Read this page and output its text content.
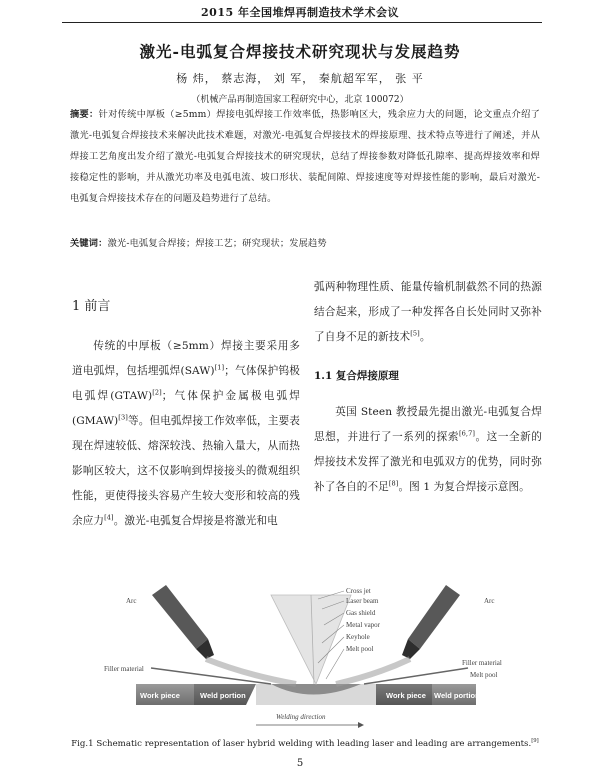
2015 年全国堆焊再制造技术学术会议
激光-电弧复合焊接技术研究现状与发展趋势
杨 炜， 蔡志海， 刘 军， 秦航超军军， 张 平
（机械产品再制造国家工程研究中心，北京 100072）
摘要：针对传统中厚板（≥5mm）焊接电弧焊接工作效率低，热影响区大，残余应力大的问题，论文重点介绍了激光-电弧复合焊接技术来解决此技术难题，对激光-电弧复合焊接技术的焊接原理、技术特点等进行了阐述，并从焊接工艺角度出发介绍了激光-电弧复合焊接技术的研究现状，总结了焊接参数对降低孔隙率、提高焊接效率和焊接稳定性的影响，并从激光功率及电弧电流、坡口形状、装配间隙、焊接速度等对焊接性能的影响，最后对激光-电弧复合焊接技术存在的问题及趋势进行了总结。
关键词：激光-电弧复合焊接；焊接工艺；研究现状；发展趋势
1 前言
传统的中厚板（≥5mm）焊接主要采用多道电弧焊，包括埋弧焊(SAW)[1]；气体保护钨极电弧焊(GTAW)[2]；气体保护金属极电弧焊(GMAW)[3]等。但电弧焊接工作效率低，主要表现在焊速较低、熔深较浅、热输入量大，从而热影响区较大，这不仅影响到焊接接头的微观组织性能，更使得接头容易产生较大变形和较高的残余应力[4]。激光-电弧复合焊接是将激光和电
弧两种物理性质、能量传输机制截然不同的热源结合起来，形成了一种发挥各自长处同时又弥补了自身不足的新技术[5]。
1.1 复合焊接原理
英国 Steen 教授最先提出激光-电弧复合焊思想，并进行了一系列的探索[6,7]。这一全新的焊接技术发挥了激光和电弧双方的优势，同时弥补了各自的不足[8]。图 1 为复合焊接示意图。
Cross jet
Laser beam
Gas shield
Metal vapor
Keyhole
Melt pool
Arc	Arc
Filler material
Filler material
Melt pool
Welding direction
Work piece	Weld portion	Work piece Weld portion
Fig.1 Schematic representation of laser hybrid welding with leading laser and leading are arrangements.[9]
5
